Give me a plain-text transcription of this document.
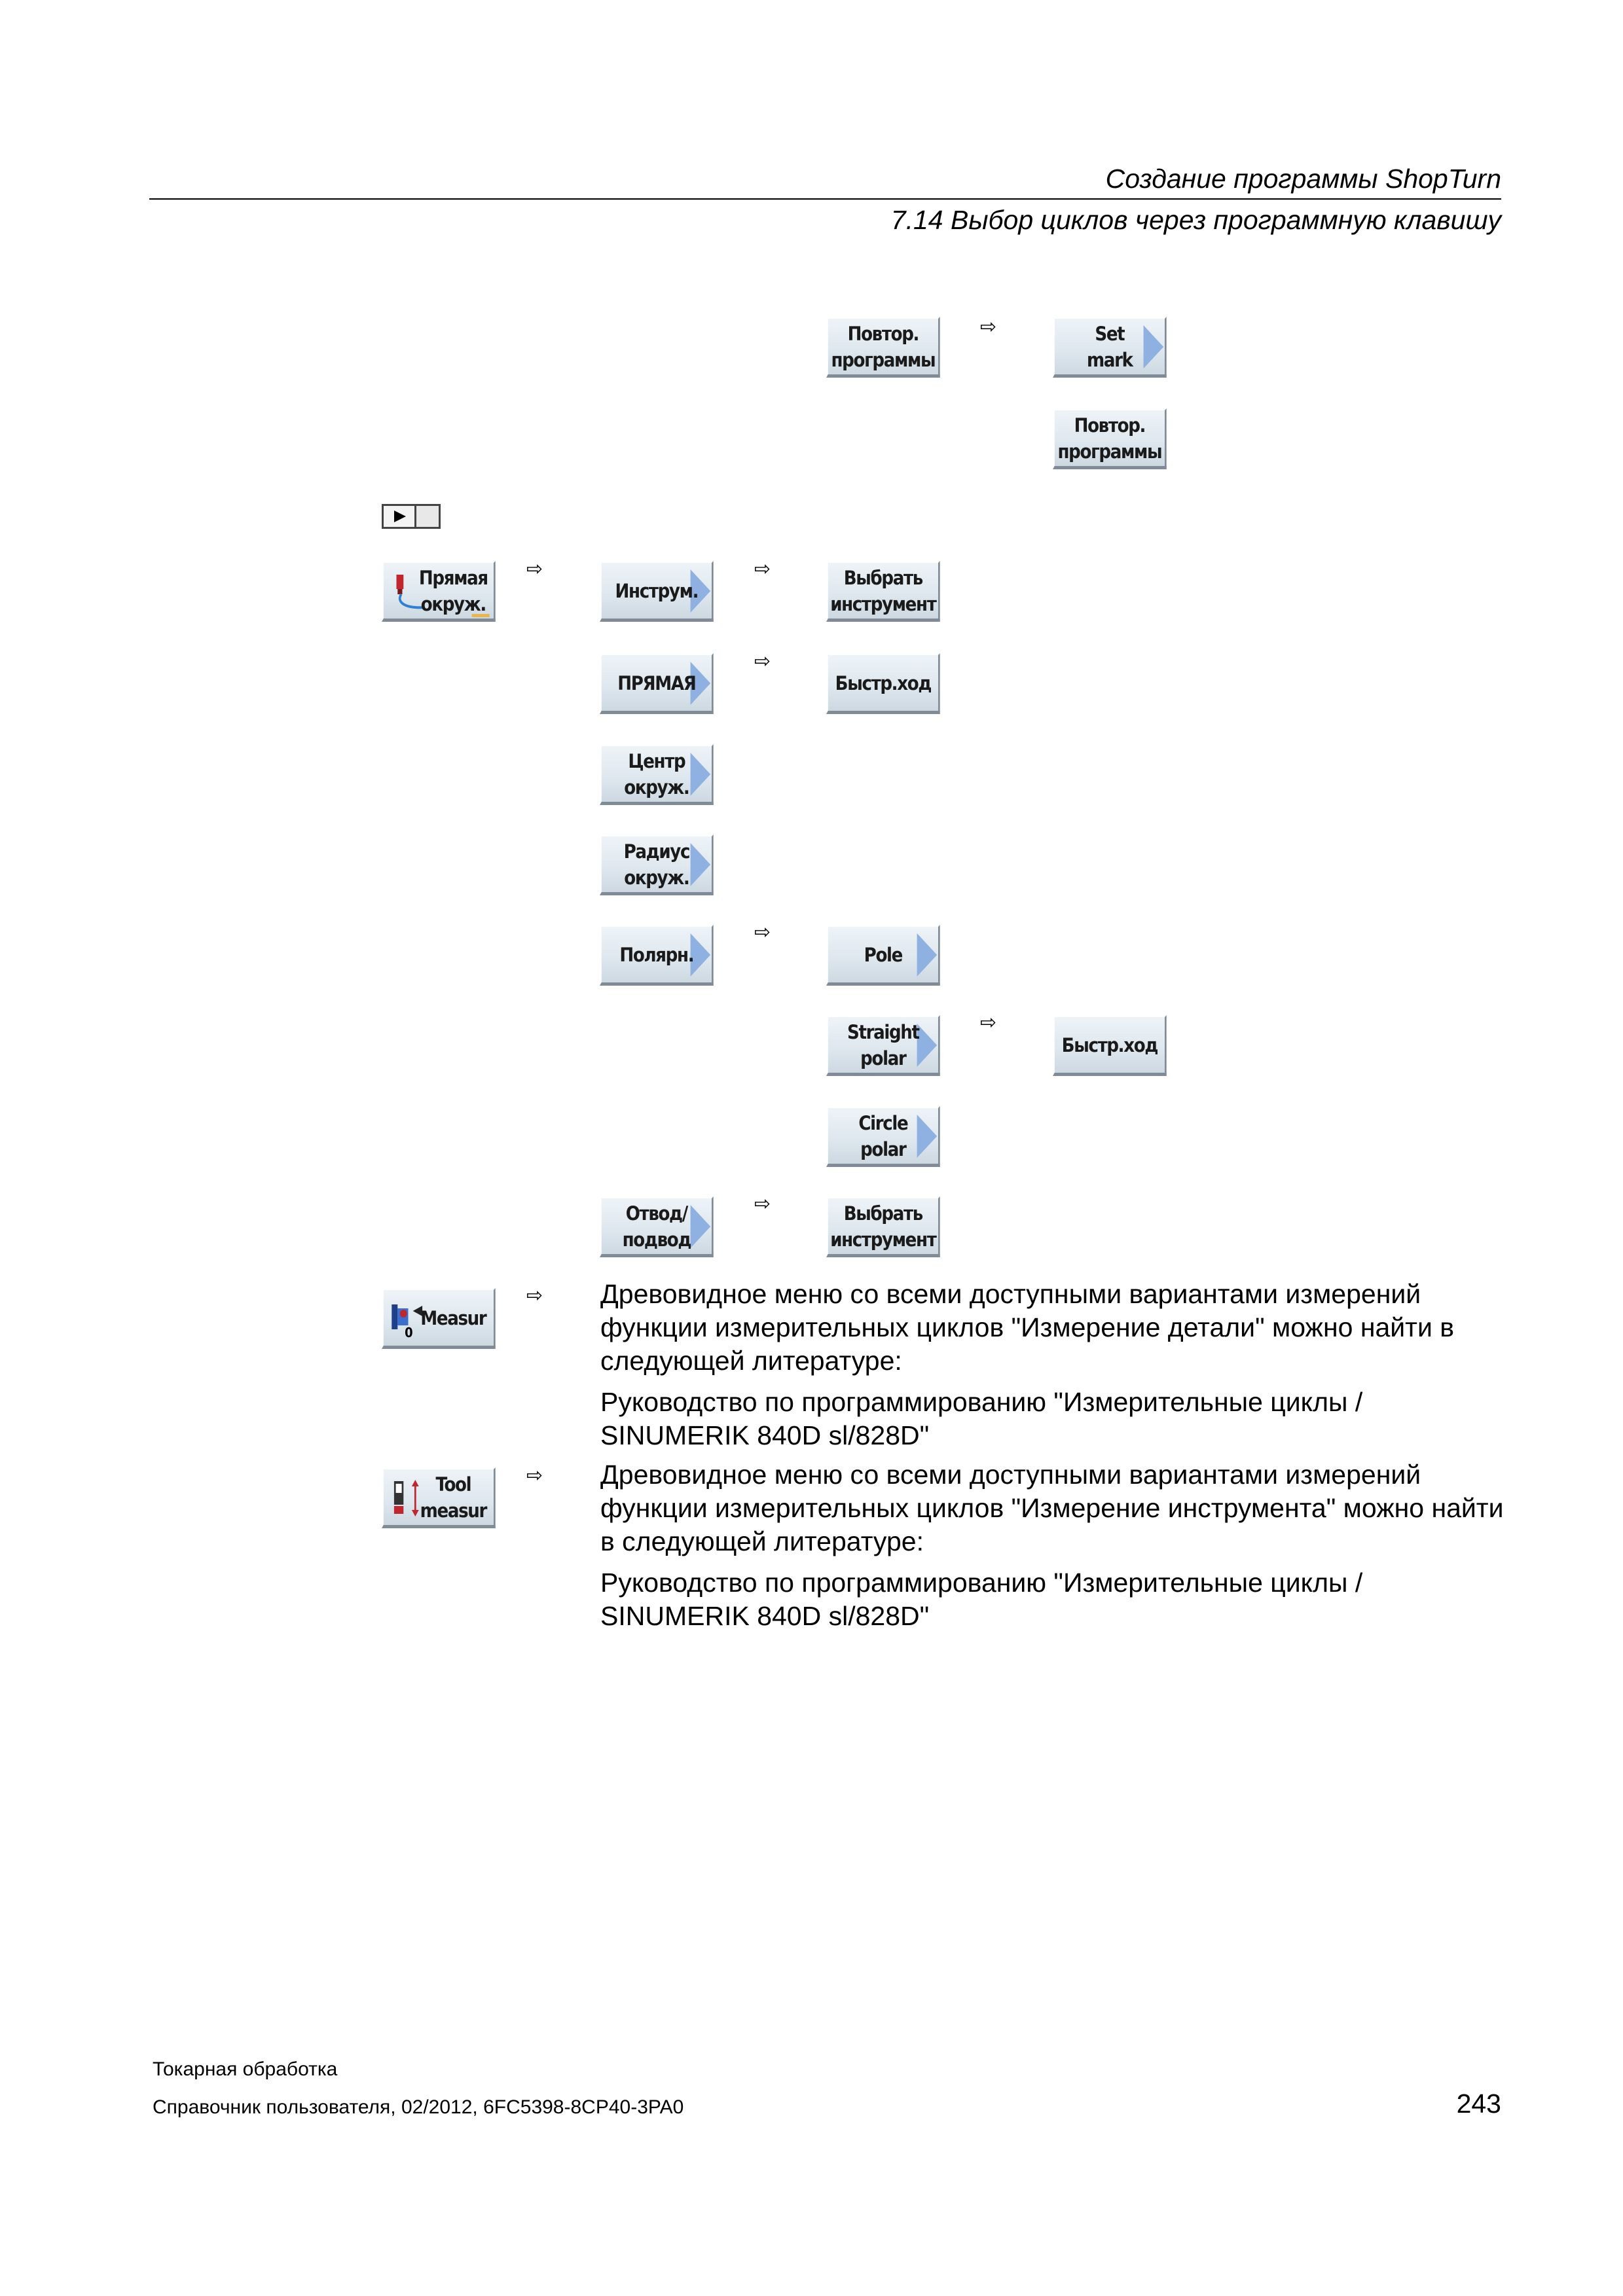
Создание программы ShopTurn
7.14 Выбор циклов через программную клавишу
Повтор.
программы
⇨	Set
mark
Повтор.
программы
Прямая
окруж.
⇨
Инструм.
⇨	Выбрать
инструмент
ПРЯМАЯ
⇨
Быстр.ход
Центр
окруж.
Радиус
окруж.
Полярн.
⇨
Pole
Straight
polar
⇨
Быстр.ход
Circle
polar
Отвод/
подвод
⇨	Выбрать
инструмент
0
Measur
⇨ Древовидное меню со всеми доступными вариантами измерений функции измерительных циклов "Измерение детали" можно найти в следующей литературе:

Руководство по программированию "Измерительные циклы / SINUMERIK 840D sl/828D"

Tool
measur
⇨ Древовидное меню со всеми доступными вариантами измерений функции измерительных циклов "Измерение инструмента" можно найти в следующей литературе:

Руководство по программированию "Измерительные циклы / SINUMERIK 840D sl/828D"

Токарная обработка
Справочник пользователя, 02/2012, 6FC5398-8CP40-3PA0	243
